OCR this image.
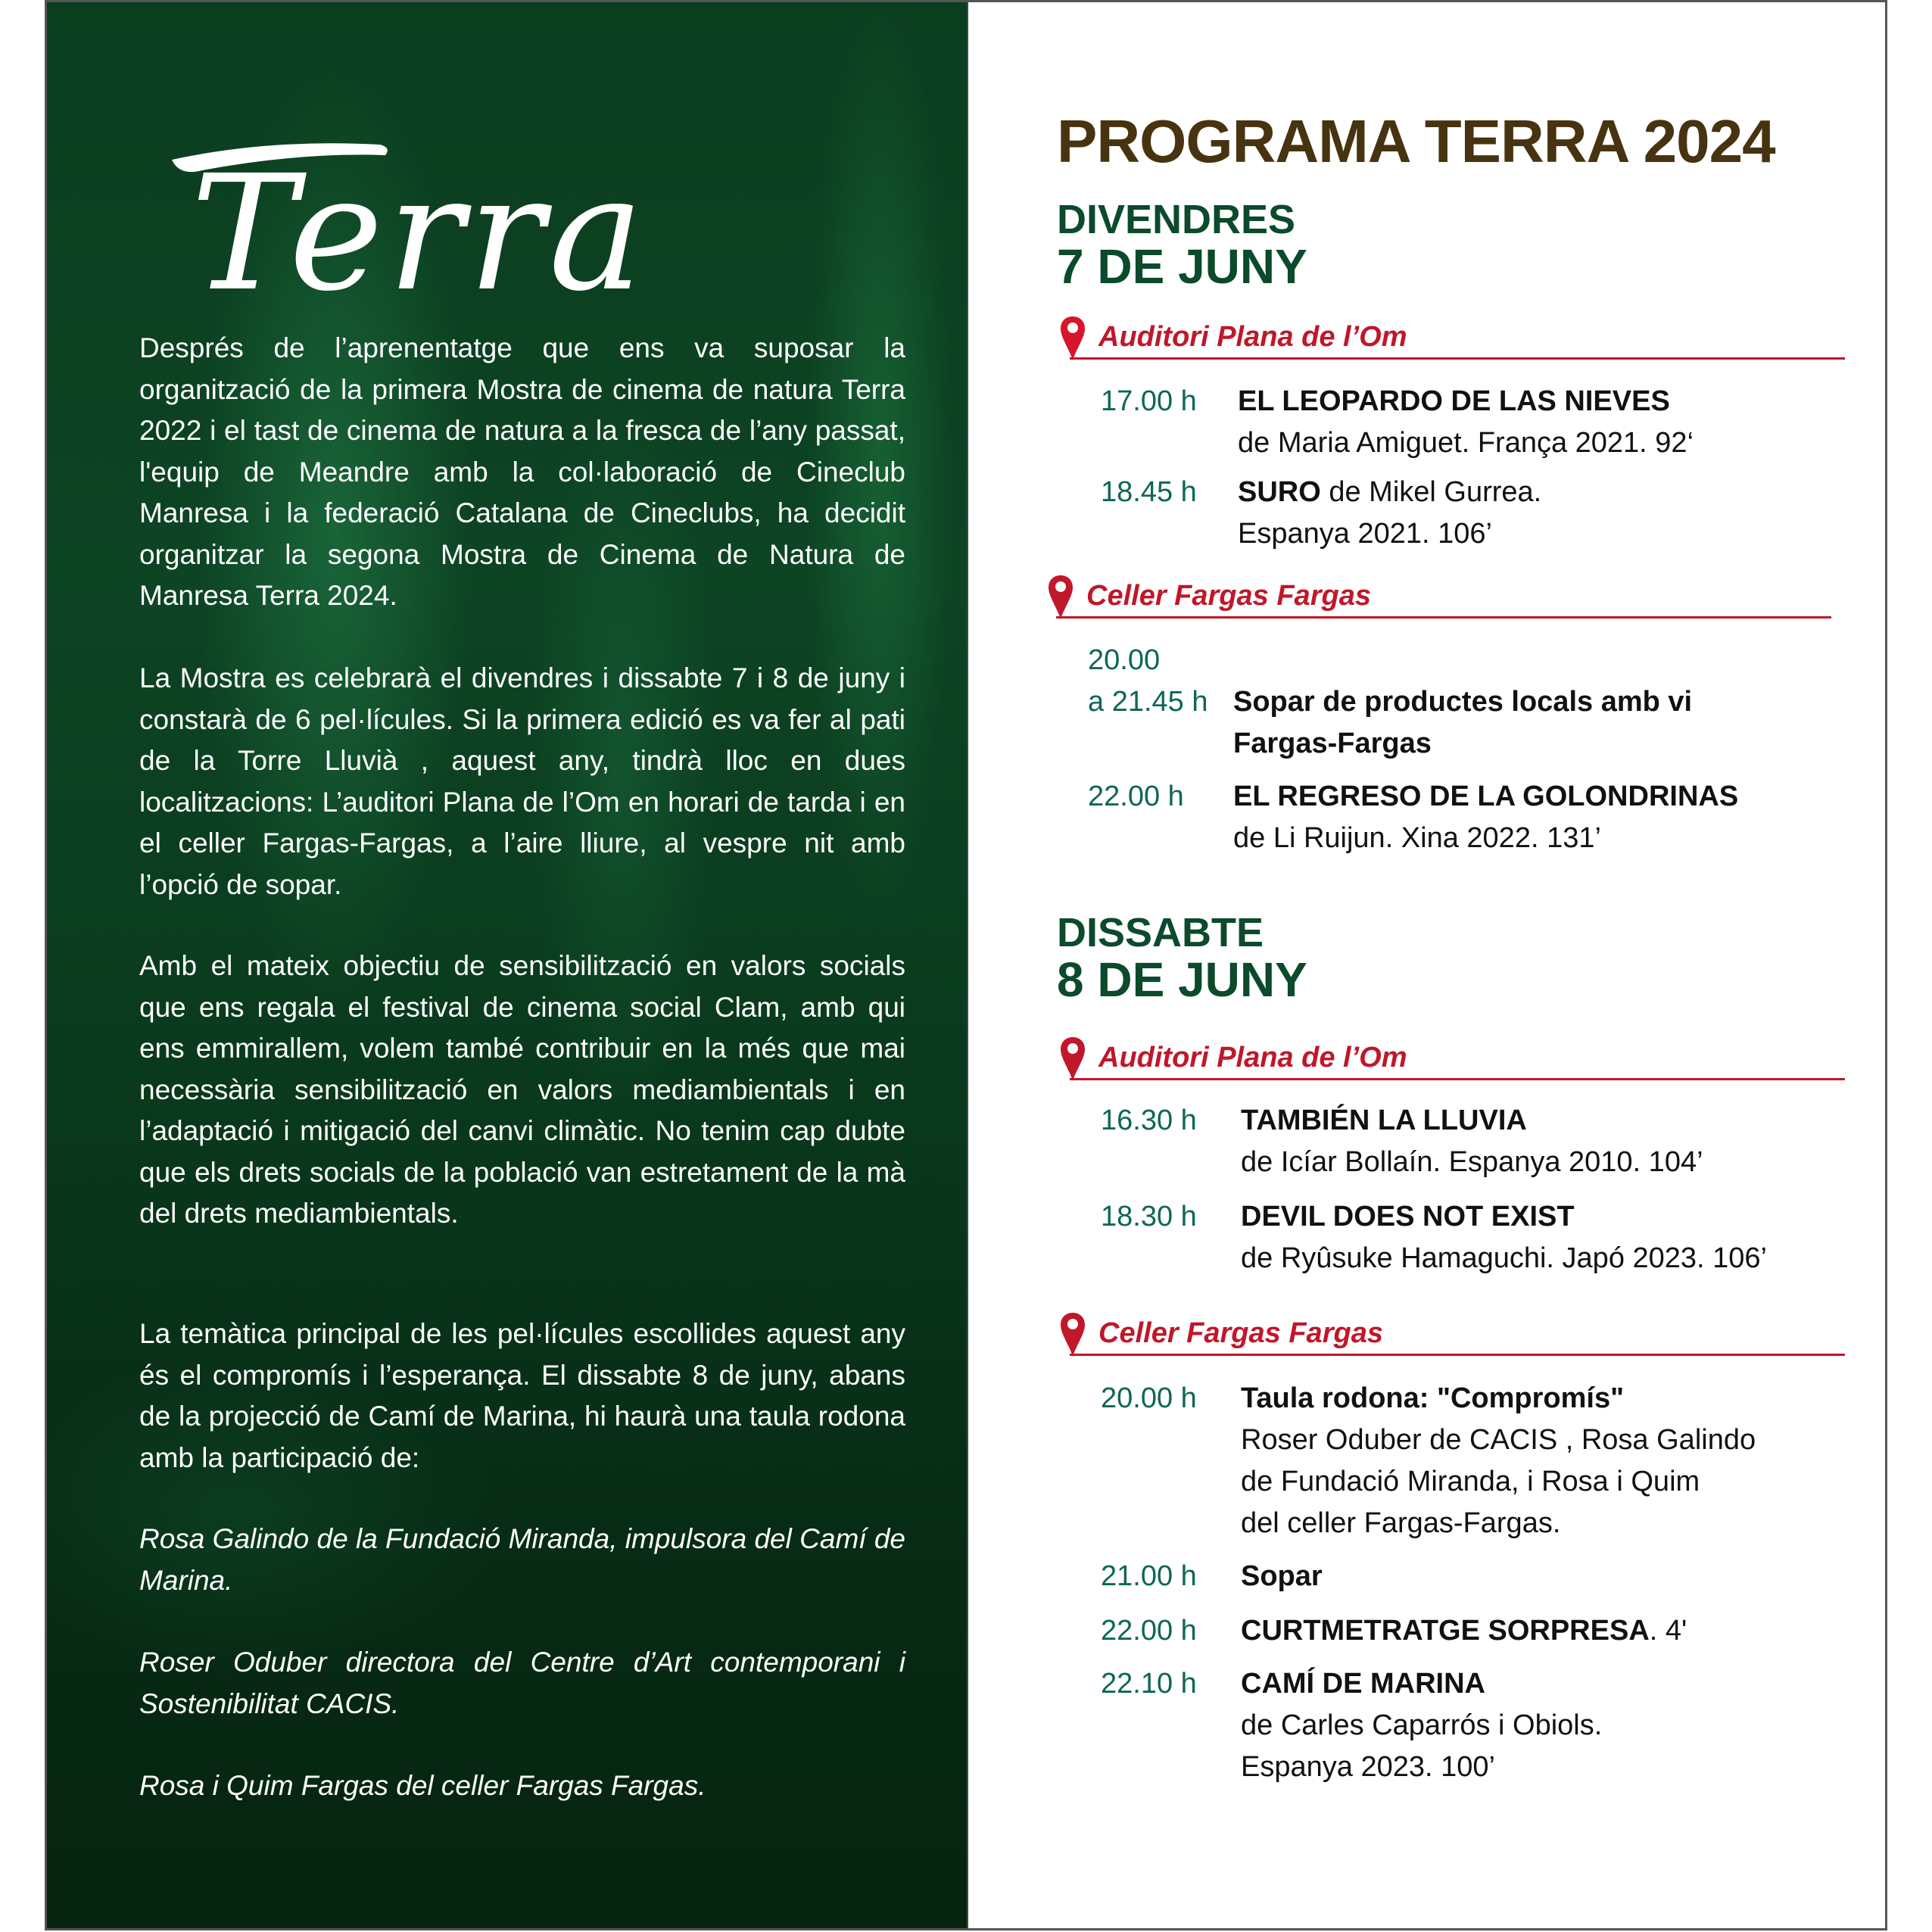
Terra

Després de l’aprenentatge que ens va suposar la organització de la primera Mostra de cinema de natura Terra 2022 i el tast de cinema de natura a la fresca de l’any passat, l'equip de Meandre amb la col·laboració de Cineclub Manresa i la federació Catalana de Cineclubs, ha decidit organitzar la segona Mostra de Cinema de Natura de Manresa Terra 2024.

La Mostra es celebrarà el divendres i dissabte 7 i 8 de juny i constarà de 6 pel·lícules. Si la primera edició es va fer al pati de la Torre Lluvià , aquest any, tindrà lloc en dues localitzacions: L’auditori Plana de l’Om en horari de tarda i en el celler Fargas-Fargas, a l’aire lliure, al vespre nit amb l’opció de sopar.

Amb el mateix objectiu de sensibilització en valors socials que ens regala el festival de cinema social Clam, amb qui ens emmirallem, volem també contribuir en la més que mai necessària sensibilització en valors mediambientals i en l’adaptació i mitigació del canvi climàtic. No tenim cap dubte que els drets socials de la població van estretament de la mà del drets mediambientals.

La temàtica principal de les pel·lícules escollides aquest any és el compromís i l’esperança. El dissabte 8 de juny, abans de la projecció de Camí de Marina, hi haurà una taula rodona amb la participació de:

Rosa Galindo de la Fundació Miranda, impulsora del Camí de Marina.

Roser Oduber directora del Centre d’Art contemporani i Sostenibilitat CACIS.

Rosa i Quim Fargas del celler Fargas Fargas.

PROGRAMA TERRA 2024
DIVENDRES
7 DE JUNY
Auditori Plana de l’Om
17.00 h EL LEOPARDO DE LAS NIEVES
de Maria Amiguet. França 2021. 92‘
18.45 h SURO de Mikel Gurrea.
Espanya 2021. 106’
Celler Fargas Fargas
20.00
a 21.45 h Sopar de productes locals amb vi
Fargas-Fargas
22.00 h EL REGRESO DE LA GOLONDRINAS
de Li Ruijun. Xina 2022. 131’
DISSABTE
8 DE JUNY
Auditori Plana de l’Om
16.30 h TAMBIÉN LA LLUVIA
de Icíar Bollaín. Espanya 2010. 104’
18.30 h DEVIL DOES NOT EXIST
de Ryûsuke Hamaguchi. Japó 2023. 106’
Celler Fargas Fargas
20.00 h Taula rodona: "Compromís"
Roser Oduber de CACIS , Rosa Galindo
de Fundació Miranda, i Rosa i Quim
del celler Fargas-Fargas.
21.00 h Sopar
22.00 h CURTMETRATGE SORPRESA. 4'
22.10 h CAMÍ DE MARINA
de Carles Caparrós i Obiols.
Espanya 2023. 100’
